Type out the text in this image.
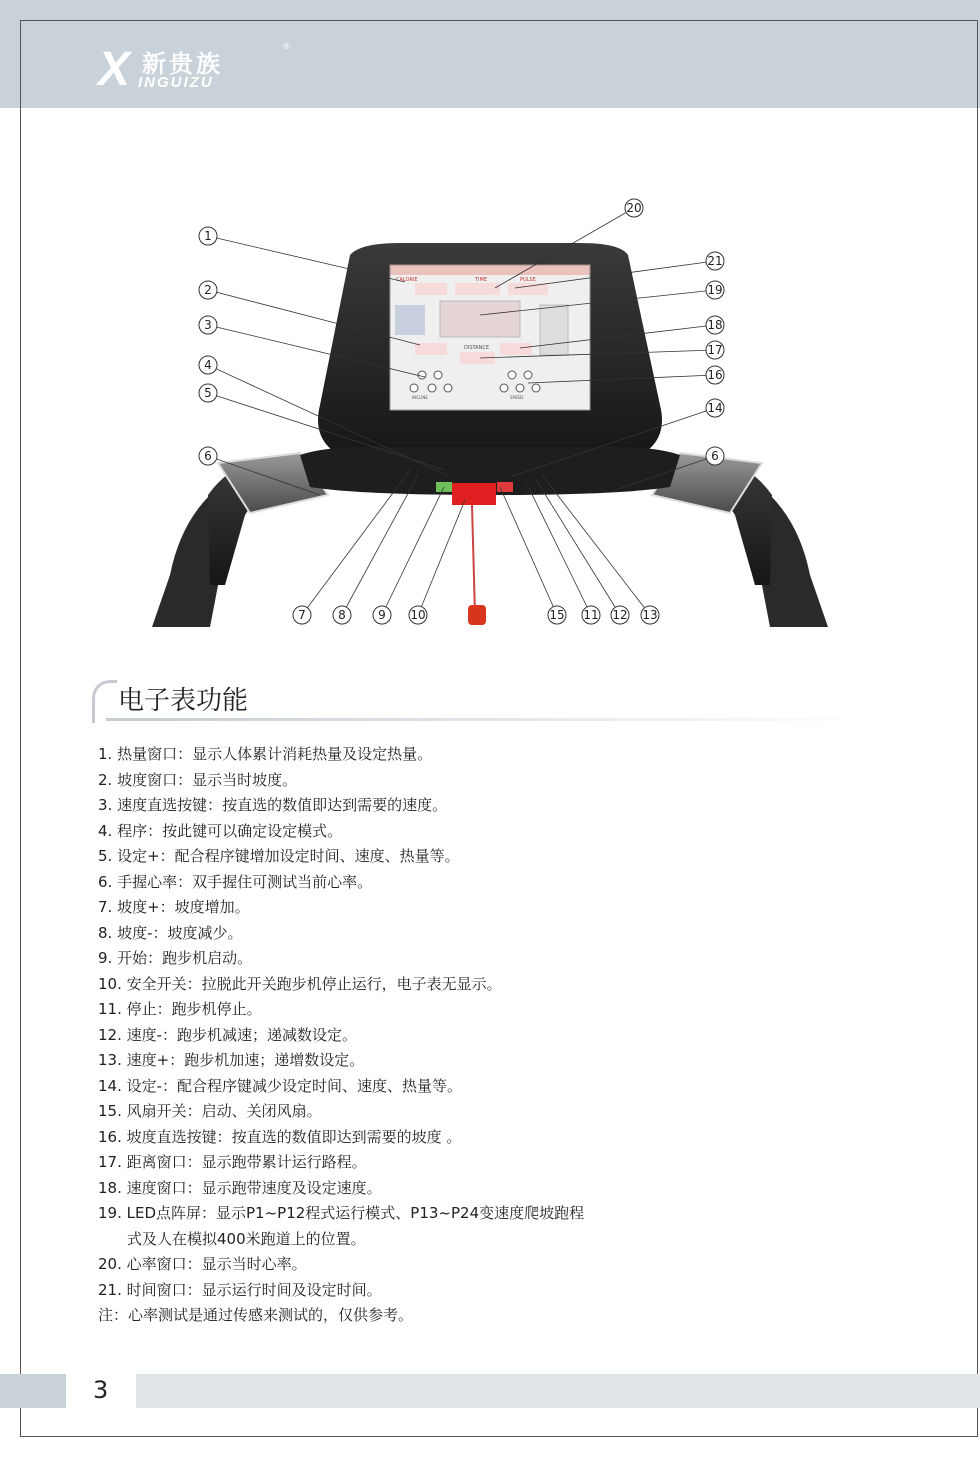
X 新贵族
INGUIZU
®
CALORIE	TIME	PULSE
DISTANCE
INCLINE	SPEED
1
2
3
4
5
6	6
7	8	9 10	11 12 13
14
15
16
17
18
19
20
21
电子表功能
1. 热量窗口：显示人体累计消耗热量及设定热量。
2. 坡度窗口：显示当时坡度。
3. 速度直选按键：按直选的数值即达到需要的速度。
4. 程序：按此键可以确定设定模式。
5. 设定+：配合程序键增加设定时间、速度、热量等。
6. 手握心率：双手握住可测试当前心率。
7. 坡度+：坡度增加。
8. 坡度-：坡度减少。
9. 开始：跑步机启动。
10. 安全开关：拉脱此开关跑步机停止运行，电子表无显示。
11. 停止：跑步机停止。
12. 速度-：跑步机减速；递减数设定。
13. 速度+：跑步机加速；递增数设定。
14. 设定-：配合程序键减少设定时间、速度、热量等。
15. 风扇开关：启动、关闭风扇。
16. 坡度直选按键：按直选的数值即达到需要的坡度 。
17. 距离窗口：显示跑带累计运行路程。
18. 速度窗口：显示跑带速度及设定速度。
19. LED点阵屏：显示P1~P12程式运行模式、P13~P24变速度爬坡跑程
式及人在模拟400米跑道上的位置。
20. 心率窗口：显示当时心率。
21. 时间窗口：显示运行时间及设定时间。
注：心率测试是通过传感来测试的，仅供参考。
3
